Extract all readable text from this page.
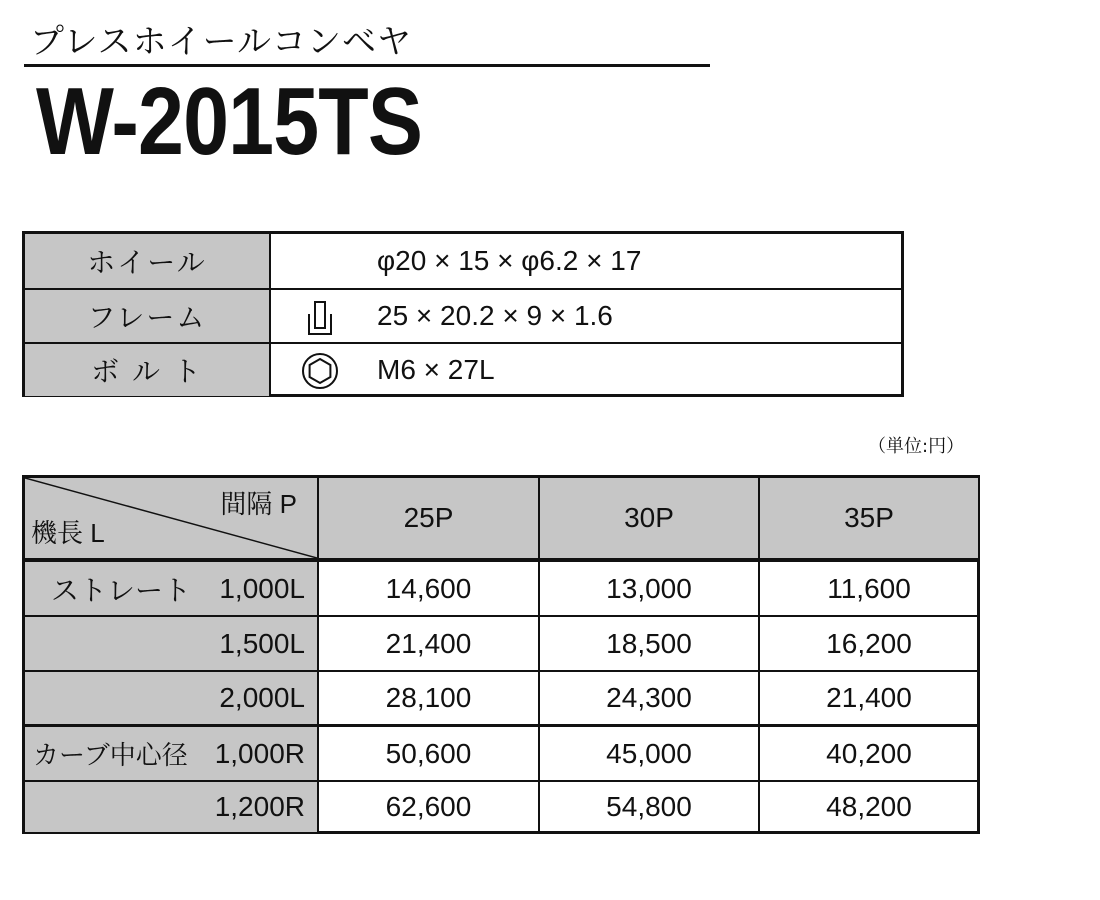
プレスホイールコンベヤ
W-2015TS
ホイール	φ20 × 15 × φ6.2 × 17
フレーム	25 × 20.2 × 9 × 1.6
ボ ル ト	M6 × 27L
（単位:円）
間隔 P
機長 L	25P	30P	35P
ストレート 1,000L	14,600	13,000	11,600
1,500L	21,400	18,500	16,200
2,000L	28,100	24,300	21,400
カーブ中心径 1,000R	50,600	45,000	40,200
1,200R	62,600	54,800	48,200
